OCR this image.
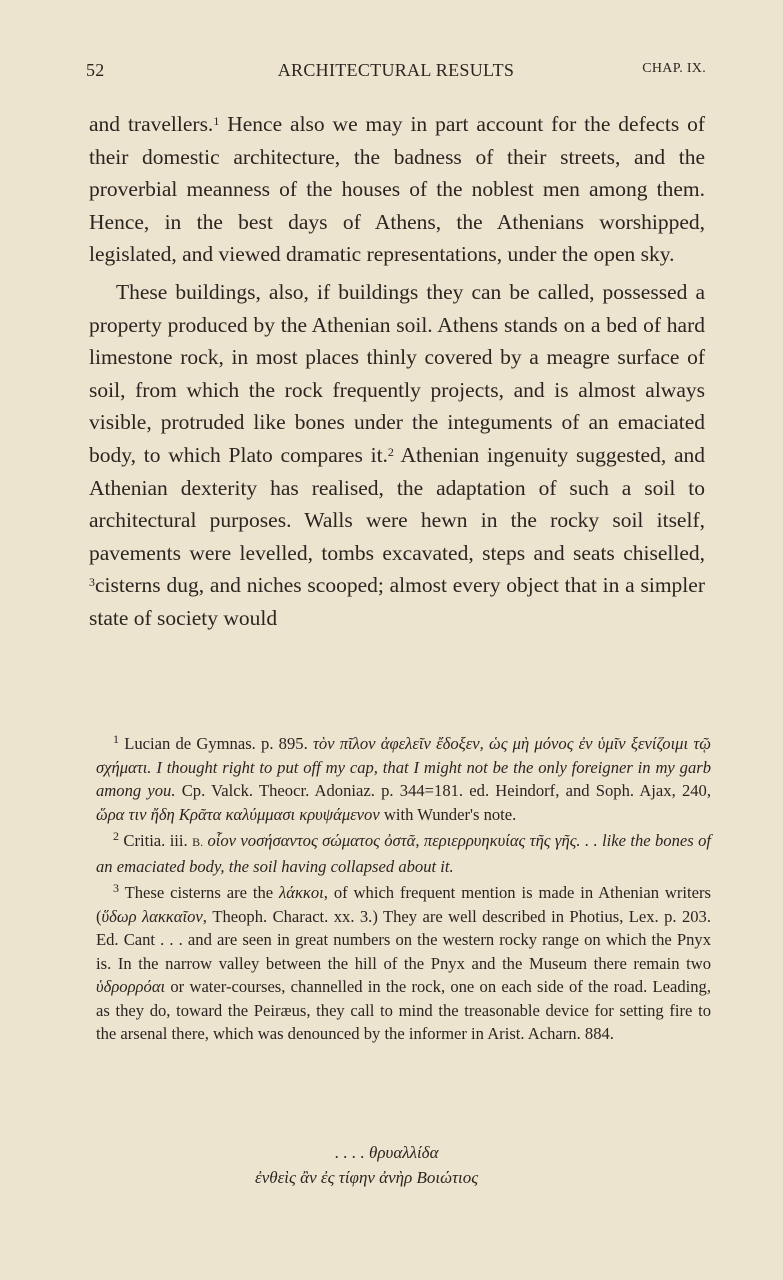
52	ARCHITECTURAL RESULTS	CHAP. IX.

and travellers.$^1$ Hence also we may in part account for the defects of their domestic architecture, the badness of their streets, and the proverbial meanness of the houses of the noblest men among them. Hence, in the best days of Athens, the Athenians worshipped, legislated, and viewed dramatic representations, under the open sky.

These buildings, also, if buildings they can be called, possessed a property produced by the Athenian soil. Athens stands on a bed of hard limestone rock, in most places thinly covered by a meagre surface of soil, from which the rock frequently projects, and is almost always visible, protruded like bones under the integuments of an emaciated body, to which Plato compares it.$^2$ Athenian ingenuity suggested, and Athenian dexterity has realised, the adaptation of such a soil to architectural purposes. Walls were hewn in the rocky soil itself, pavements were levelled, tombs excavated, steps and seats chiselled, $^3$cisterns dug, and niches scooped; almost every object that in a simpler state of society would

$^1$ Lucian de Gymnas. p. 895. τὸν πῖλον ἀφελεῖν ἔδοξεν, ὡς μὴ μόνος ἐν ὑμῖν ξενίζοιμι τῷ σχήματι. I thought right to put off my cap, that I might not be the only foreigner in my garb among you. Cp. Valck. Theocr. Adoniaz. p. 344=181. ed. Heindorf, and Soph. Ajax, 240, ὥρα τιν ἤδη Κρᾶτα καλύμμασι κρυψάμενον with Wunder's note.

$^2$ Critia. iii. B. οἷον νοσήσαντος σώματος ὀστᾶ, περιερρυηκυίας τῆς γῆς. . . like the bones of an emaciated body, the soil having collapsed about it.

$^3$ These cisterns are the λάκκοι, of which frequent mention is made in Athenian writers (ὕδωρ λακκαῖον, Theoph. Charact. xx. 3.) They are well described in Photius, Lex. p. 203. Ed. Cant . . . and are seen in great numbers on the western rocky range on which the Pnyx is. In the narrow valley between the hill of the Pnyx and the Museum there remain two ὑδρορρόαι or water-courses, channelled in the rock, one on each side of the road. Leading, as they do, toward the Peiræus, they call to mind the treasonable device for setting fire to the arsenal there, which was denounced by the informer in Arist. Acharn. 884.

. . . . θρυαλλίδα
ἐνθεὶς ἂν ἐς τίφην ἀνὴρ Βοιώτιος
